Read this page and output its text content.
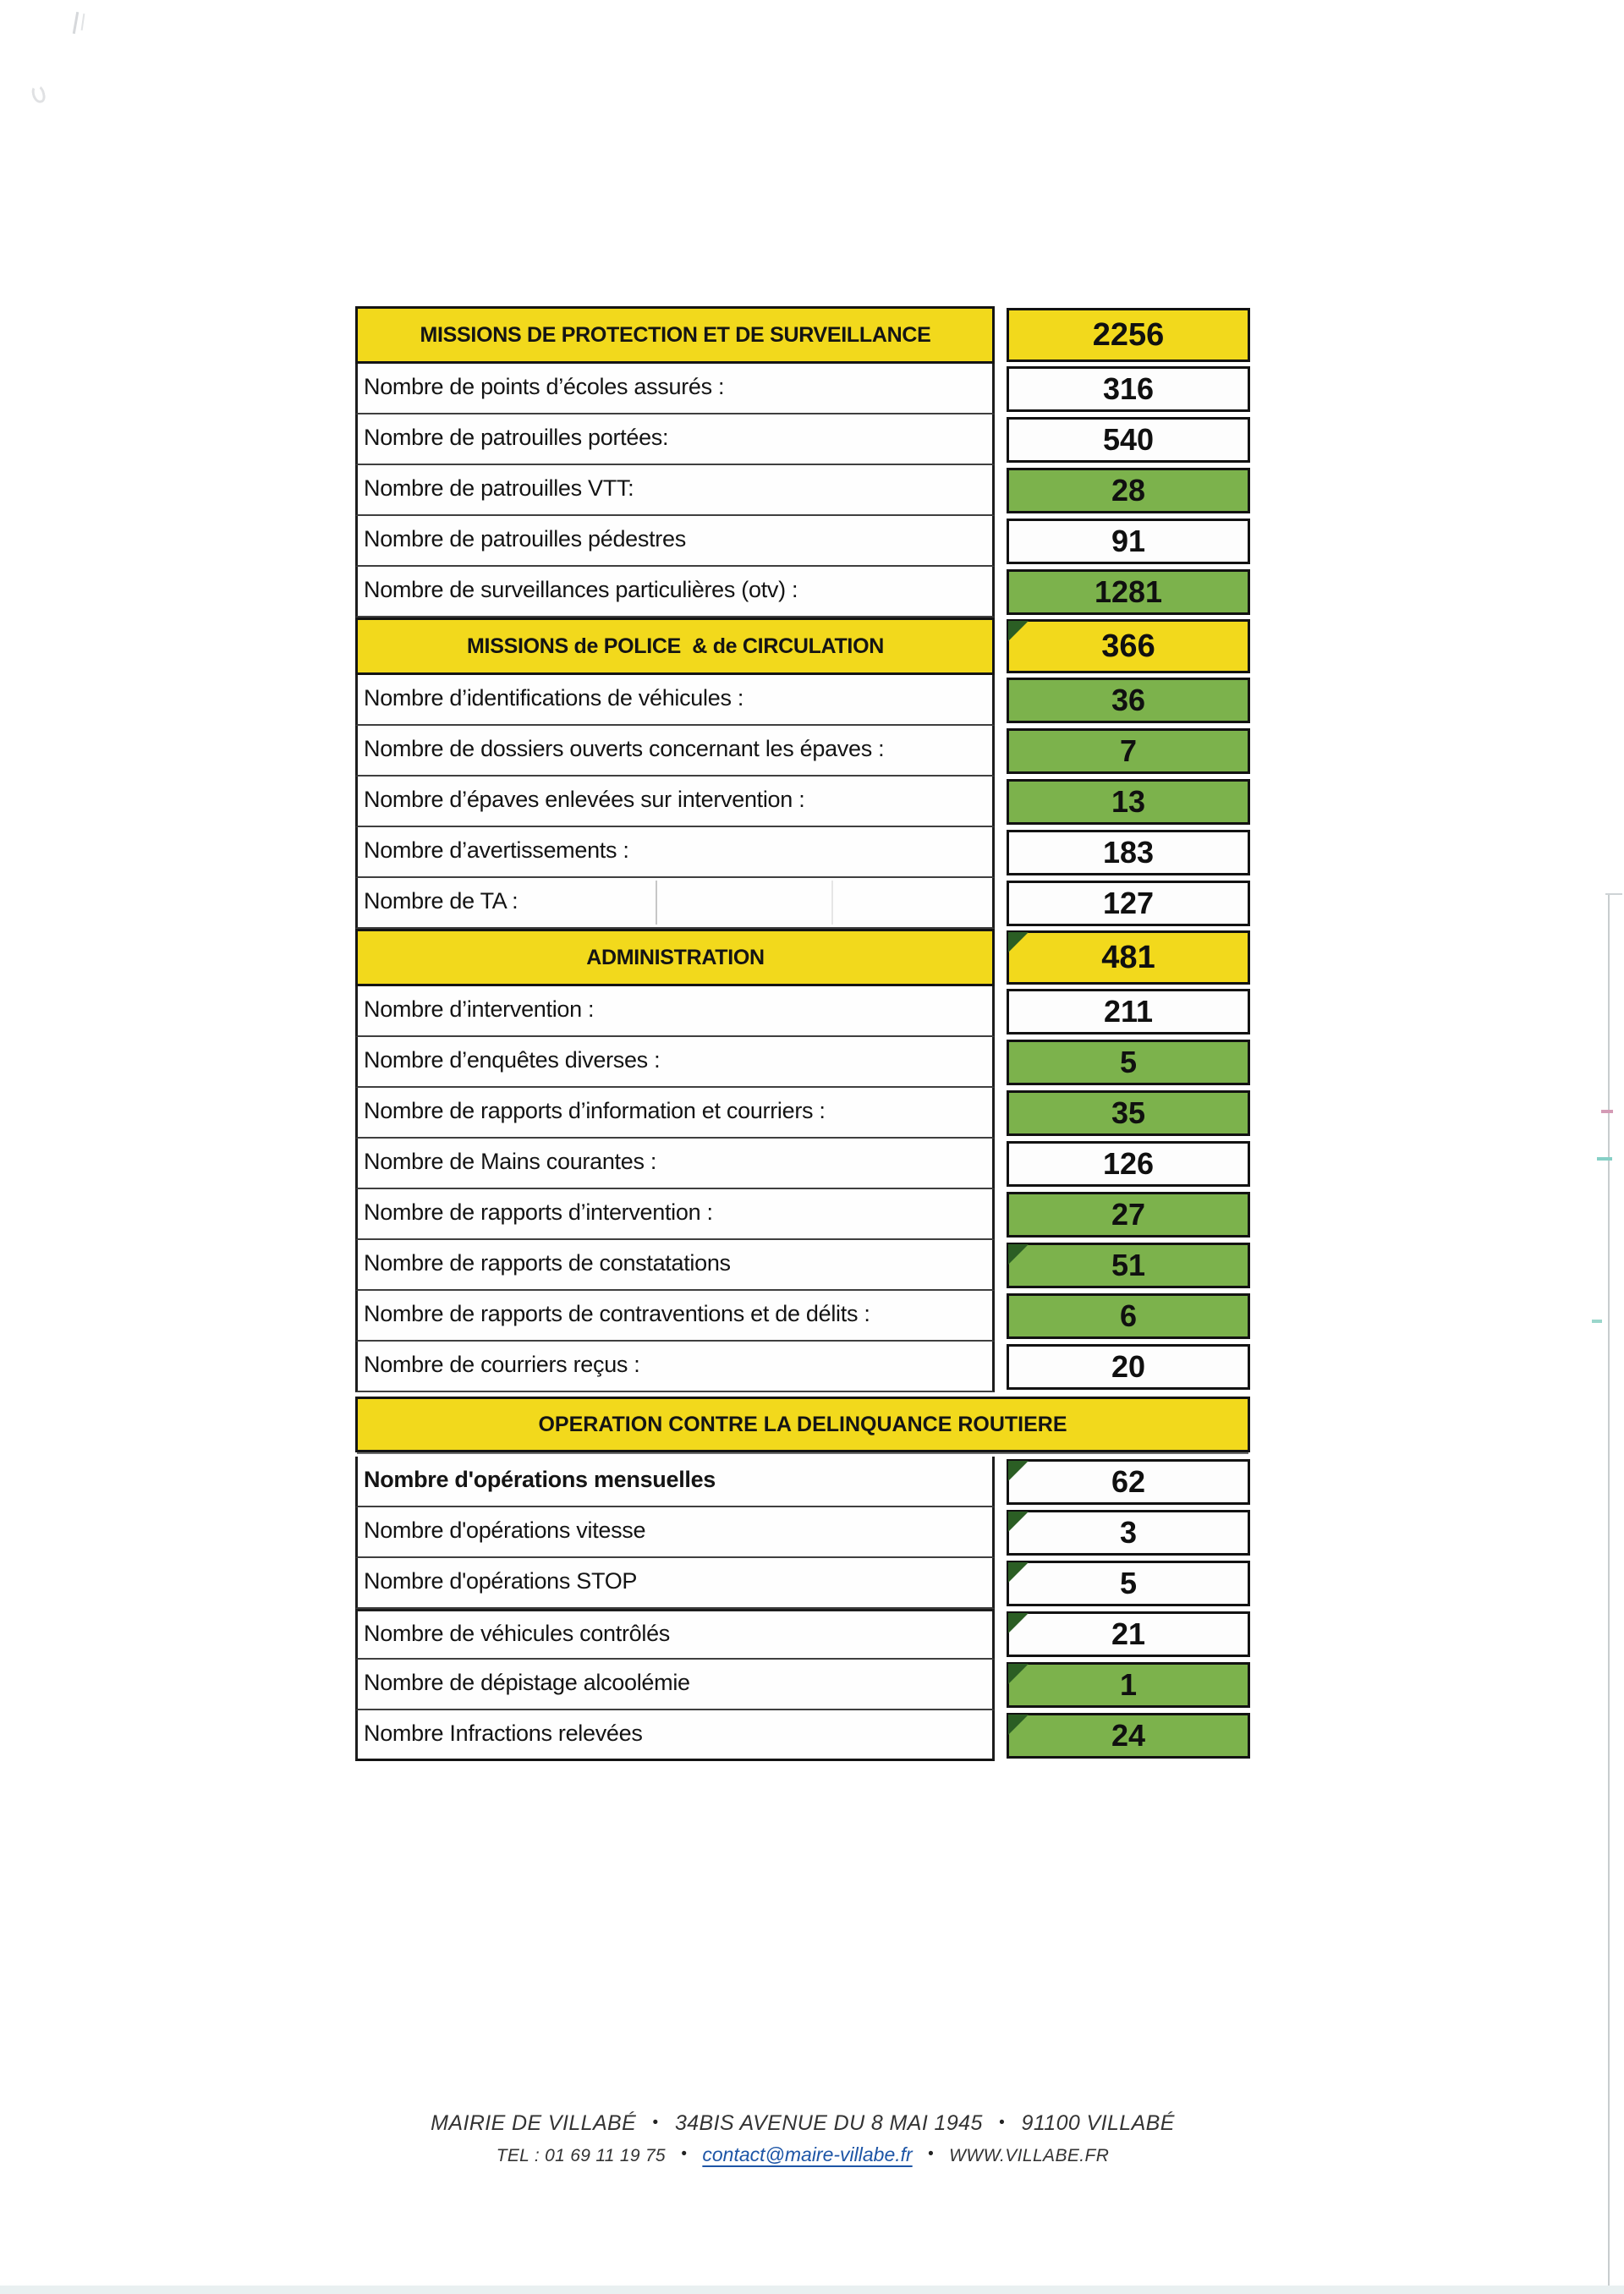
MISSIONS DE PROTECTION ET DE SURVEILLANCE	2256
Nombre de points d’écoles assurés :	316
Nombre de patrouilles portées:	540
Nombre de patrouilles VTT:	28
Nombre de patrouilles pédestres	91
Nombre de surveillances particulières (otv) :	1281
MISSIONS de POLICE  & de CIRCULATION	366
Nombre d’identifications de véhicules :	36
Nombre de dossiers ouverts concernant les épaves :	7
Nombre d’épaves enlevées sur intervention :	13
Nombre d’avertissements :	183
Nombre de TA :	127
ADMINISTRATION	481
Nombre d’intervention :	211
Nombre d’enquêtes diverses :	5
Nombre de rapports d’information et courriers :	35
Nombre de Mains courantes :	126
Nombre de rapports d’intervention :	27
Nombre de rapports de constatations	51
Nombre de rapports de contraventions et de délits :	6
Nombre de courriers reçus :	20
OPERATION CONTRE LA DELINQUANCE ROUTIERE
Nombre d'opérations mensuelles	62
Nombre d'opérations vitesse	3
Nombre d'opérations STOP	5
Nombre de véhicules contrôlés	21
Nombre de dépistage alcoolémie	1
Nombre Infractions relevées	24
MAIRIE DE VILLABÉ • 34BIS AVENUE DU 8 MAI 1945 • 91100 VILLABÉ
TEL : 01 69 11 19 75 • contact@maire-villabe.fr • WWW.VILLABE.FR
